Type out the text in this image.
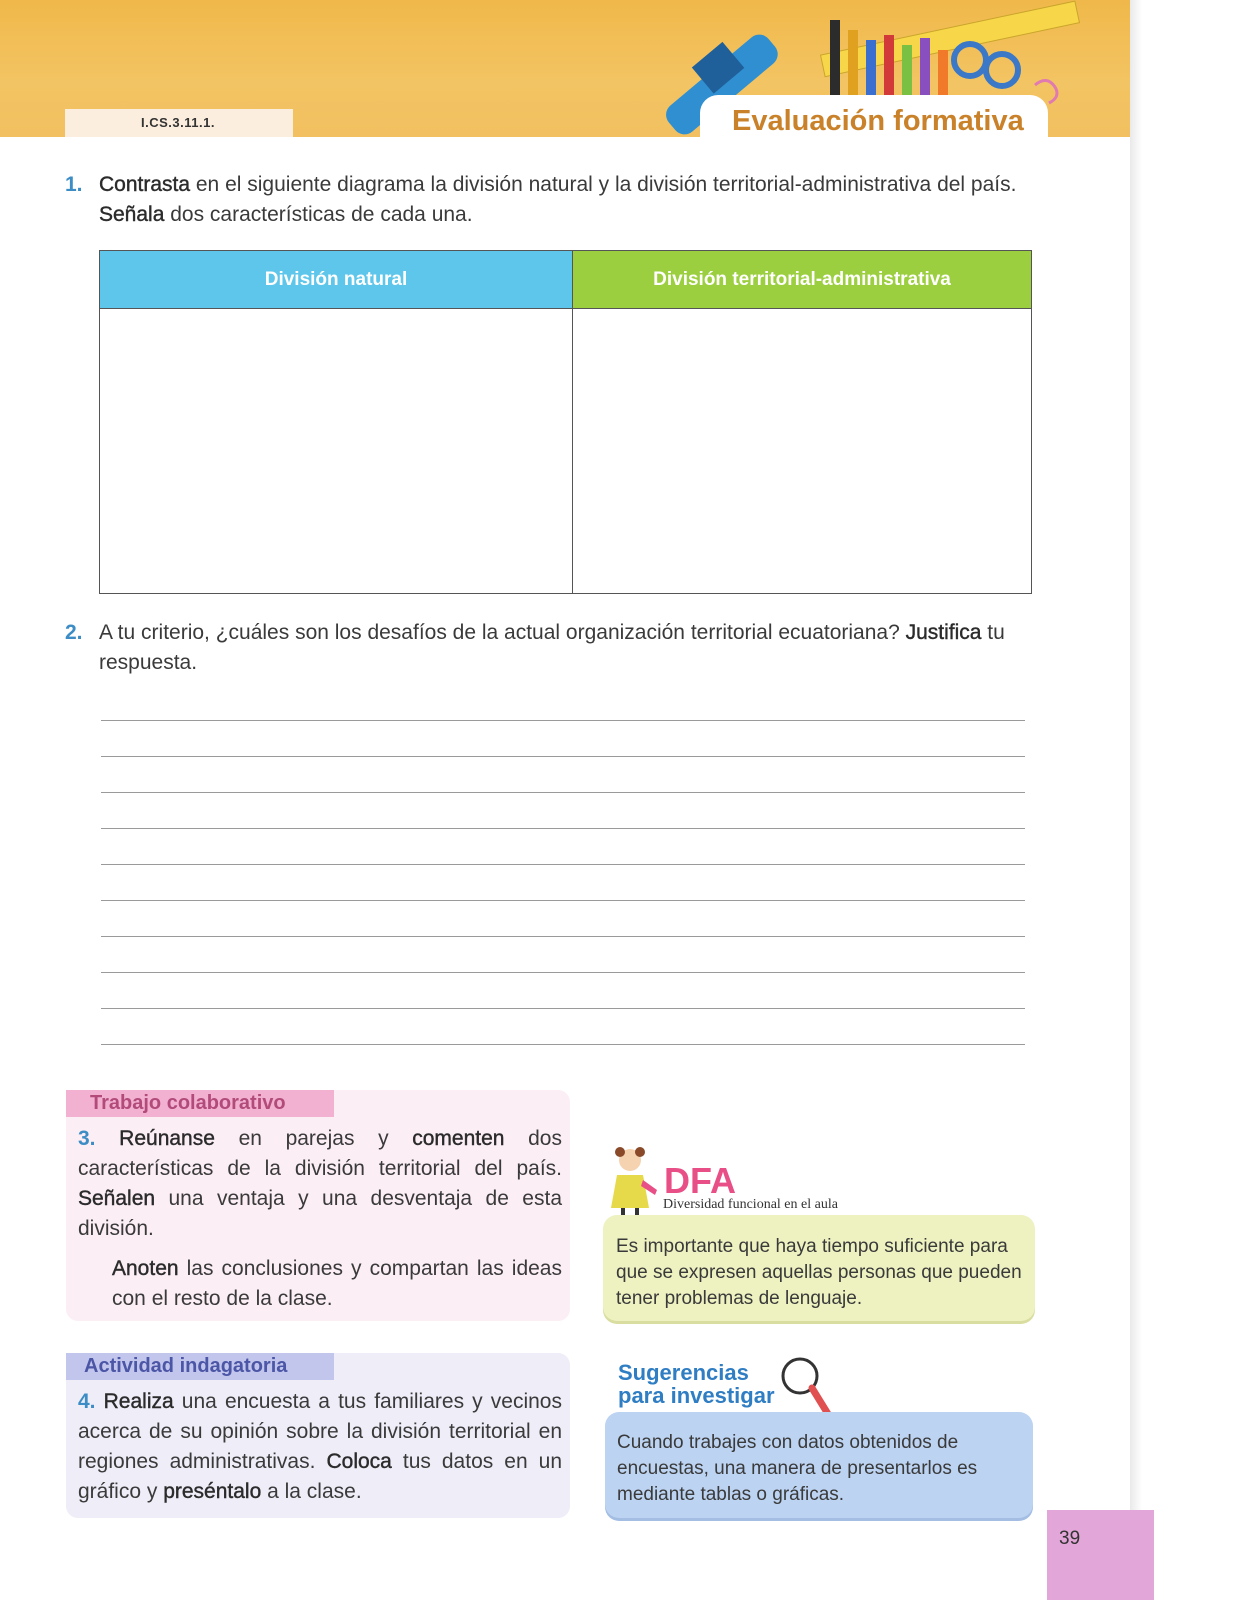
I.CS.3.11.1.	Evaluación formativa
1. Contrasta en el siguiente diagrama la división natural y la división territorial-administrativa del país.
Señala dos características de cada una.
División natural	División territorial-administrativa

2. A tu criterio, ¿cuáles son los desafíos de la actual organización territorial ecuatoriana? Justifica tu
respuesta.
Trabajo colaborativo
3. Reúnanse en parejas y comenten dos características de la división territorial del país. Señalen una ventaja y una desventaja de esta división.
Anoten las conclusiones y compartan las ideas con el resto de la clase.
Actividad indagatoria
4. Realiza una encuesta a tus familiares y vecinos acerca de su opinión sobre la división territorial en regiones administrativas. Coloca tus datos en un gráfico y preséntalo a la clase.
DFA
Diversidad funcional en el aula
Es importante que haya tiempo suficiente para que se expresen aquellas personas que pueden tener problemas de lenguaje.
Sugerencias
para investigar
Cuando trabajes con datos obtenidos de encuestas, una manera de presentarlos es mediante tablas o gráficas.
39
